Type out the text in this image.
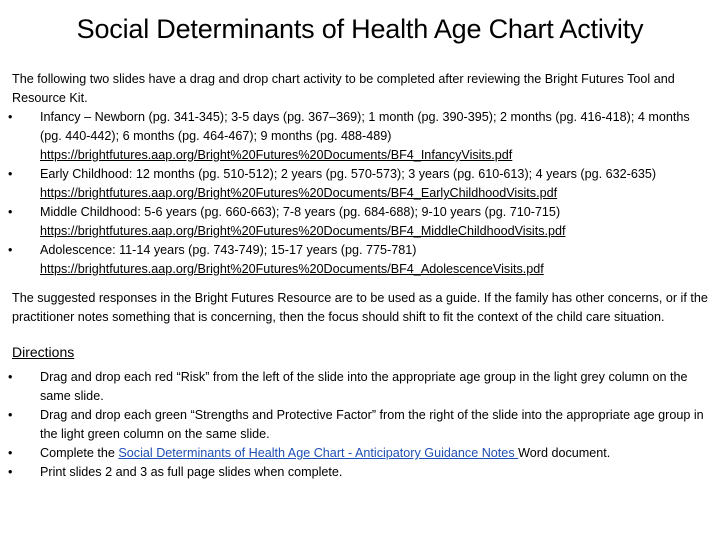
Social Determinants of Health Age Chart Activity

The following two slides have a drag and drop chart activity to be completed after reviewing the Bright Futures Tool and Resource Kit.

• Infancy – Newborn (pg. 341-345); 3-5 days (pg. 367–369); 1 month (pg. 390-395); 2 months (pg. 416-418); 4 months (pg. 440-442); 6 months (pg. 464-467); 9 months (pg. 488-489) https://brightfutures.aap.org/Bright%20Futures%20Documents/BF4_InfancyVisits.pdf
• Early Childhood: 12 months (pg. 510-512); 2 years (pg. 570-573); 3 years (pg. 610-613); 4 years (pg. 632-635) https://brightfutures.aap.org/Bright%20Futures%20Documents/BF4_EarlyChildhoodVisits.pdf
• Middle Childhood: 5-6 years (pg. 660-663); 7-8 years (pg. 684-688); 9-10 years (pg. 710-715) https://brightfutures.aap.org/Bright%20Futures%20Documents/BF4_MiddleChildhoodVisits.pdf
• Adolescence: 11-14 years (pg. 743-749); 15-17 years (pg. 775-781) https://brightfutures.aap.org/Bright%20Futures%20Documents/BF4_AdolescenceVisits.pdf

The suggested responses in the Bright Futures Resource are to be used as a guide. If the family has other concerns, or if the practitioner notes something that is concerning, then the focus should shift to fit the context of the child care situation.

Directions
• Drag and drop each red “Risk” from the left of the slide into the appropriate age group in the light grey column on the same slide.
• Drag and drop each green “Strengths and Protective Factor” from the right of the slide into the appropriate age group in the light green column on the same slide.
• Complete the Social Determinants of Health Age Chart - Anticipatory Guidance Notes Word document.
• Print slides 2 and 3 as full page slides when complete.
